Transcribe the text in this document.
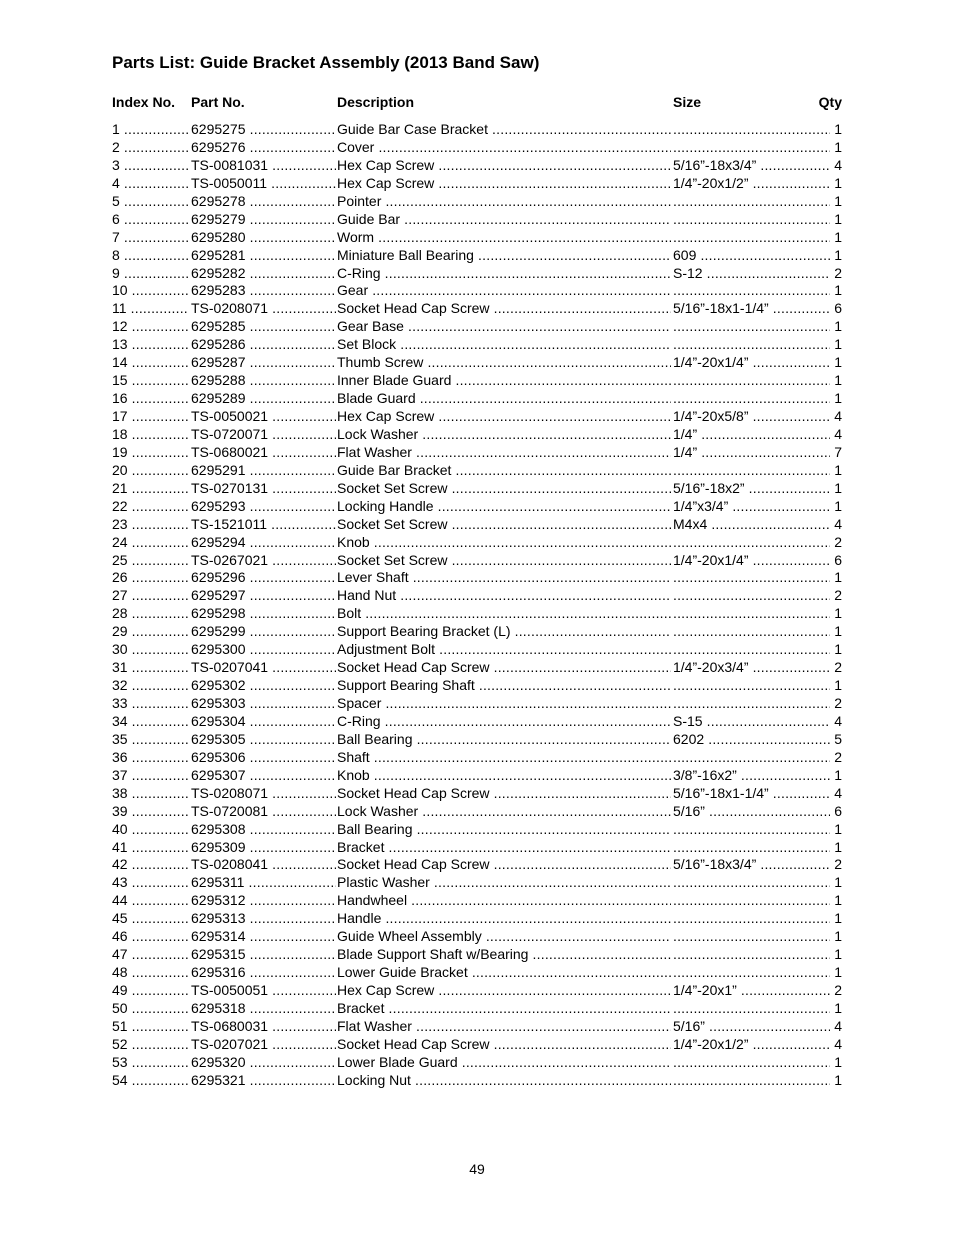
Parts List: Guide Bracket Assembly (2013 Band Saw)
Index No. Part No.	Description	Size	Qty
1 .....	6295275 .....	Guide Bar Case Bracket ..... .....	1
2 .....	6295276 .....	Cover ..... .....	1
3 .....	TS-0081031 .....	Hex Cap Screw .....	5/16”-18x3/4” .....	4
4 .....	TS-0050011 .....	Hex Cap Screw .....	1/4”-20x1/2” .....	1
5 .....	6295278 .....	Pointer ..... .....	1
6 .....	6295279 .....	Guide Bar ..... .....	1
7 .....	6295280 .....	Worm ..... .....	1
8 .....	6295281 .....	Miniature Ball Bearing .....	609 .....	1
9 .....	6295282 .....	C-Ring .....	S-12 .....	2
10 .....	6295283 .....	Gear ..... .....	1
11 .....	TS-0208071 .....	Socket Head Cap Screw .....	5/16”-18x1-1/4” .....	6
12 .....	6295285 .....	Gear Base ..... .....	1
13 .....	6295286 .....	Set Block ..... .....	1
14 .....	6295287 .....	Thumb Screw .....	1/4”-20x1/4” .....	1
15 .....	6295288 .....	Inner Blade Guard ..... .....	1
16 .....	6295289 .....	Blade Guard ..... .....	1
17 .....	TS-0050021 .....	Hex Cap Screw .....	1/4”-20x5/8” .....	4
18 .....	TS-0720071 .....	Lock Washer .....	1/4” .....	4
19 .....	TS-0680021 .....	Flat Washer .....	1/4” .....	7
20 .....	6295291 .....	Guide Bar Bracket ..... .....	1
21 .....	TS-0270131 .....	Socket Set Screw .....	5/16”-18x2” .....	1
22 .....	6295293 .....	Locking Handle .....	1/4”x3/4” .....	1
23 .....	TS-1521011 .....	Socket Set Screw .....	M4x4 .....	4
24 .....	6295294 .....	Knob ..... .....	2
25 .....	TS-0267021 .....	Socket Set Screw .....	1/4”-20x1/4” .....	6
26 .....	6295296 .....	Lever Shaft ..... .....	1
27 .....	6295297 .....	Hand Nut ..... .....	2
28 .....	6295298 .....	Bolt ..... .....	1
29 .....	6295299 .....	Support Bearing Bracket (L) ..... .....	1
30 .....	6295300 .....	Adjustment Bolt ..... .....	1
31 .....	TS-0207041 .....	Socket Head Cap Screw .....	1/4”-20x3/4” .....	2
32 .....	6295302 .....	Support Bearing Shaft ..... .....	1
33 .....	6295303 .....	Spacer ..... .....	2
34 .....	6295304 .....	C-Ring .....	S-15 .....	4
35 .....	6295305 .....	Ball Bearing .....	6202 .....	5
36 .....	6295306 .....	Shaft ..... .....	2
37 .....	6295307 .....	Knob .....	3/8”-16x2” .....	1
38 .....	TS-0208071 .....	Socket Head Cap Screw .....	5/16”-18x1-1/4” .....	4
39 .....	TS-0720081 .....	Lock Washer .....	5/16” .....	6
40 .....	6295308 .....	Ball Bearing ..... .....	1
41 .....	6295309 .....	Bracket ..... .....	1
42 .....	TS-0208041 .....	Socket Head Cap Screw .....	5/16”-18x3/4” .....	2
43 .....	6295311 .....	Plastic Washer ..... .....	1
44 .....	6295312 .....	Handwheel ..... .....	1
45 .....	6295313 .....	Handle ..... .....	1
46 .....	6295314 .....	Guide Wheel Assembly ..... .....	1
47 .....	6295315 .....	Blade Support Shaft w/Bearing ..... .....	1
48 .....	6295316 .....	Lower Guide Bracket ..... .....	1
49 .....	TS-0050051 .....	Hex Cap Screw .....	1/4”-20x1” .....	2
50 .....	6295318 .....	Bracket ..... .....	1
51 .....	TS-0680031 .....	Flat Washer .....	5/16” .....	4
52 .....	TS-0207021 .....	Socket Head Cap Screw .....	1/4”-20x1/2” .....	4
53 .....	6295320 .....	Lower Blade Guard ..... .....	1
54 .....	6295321 .....	Locking Nut ..... .....	1
49
